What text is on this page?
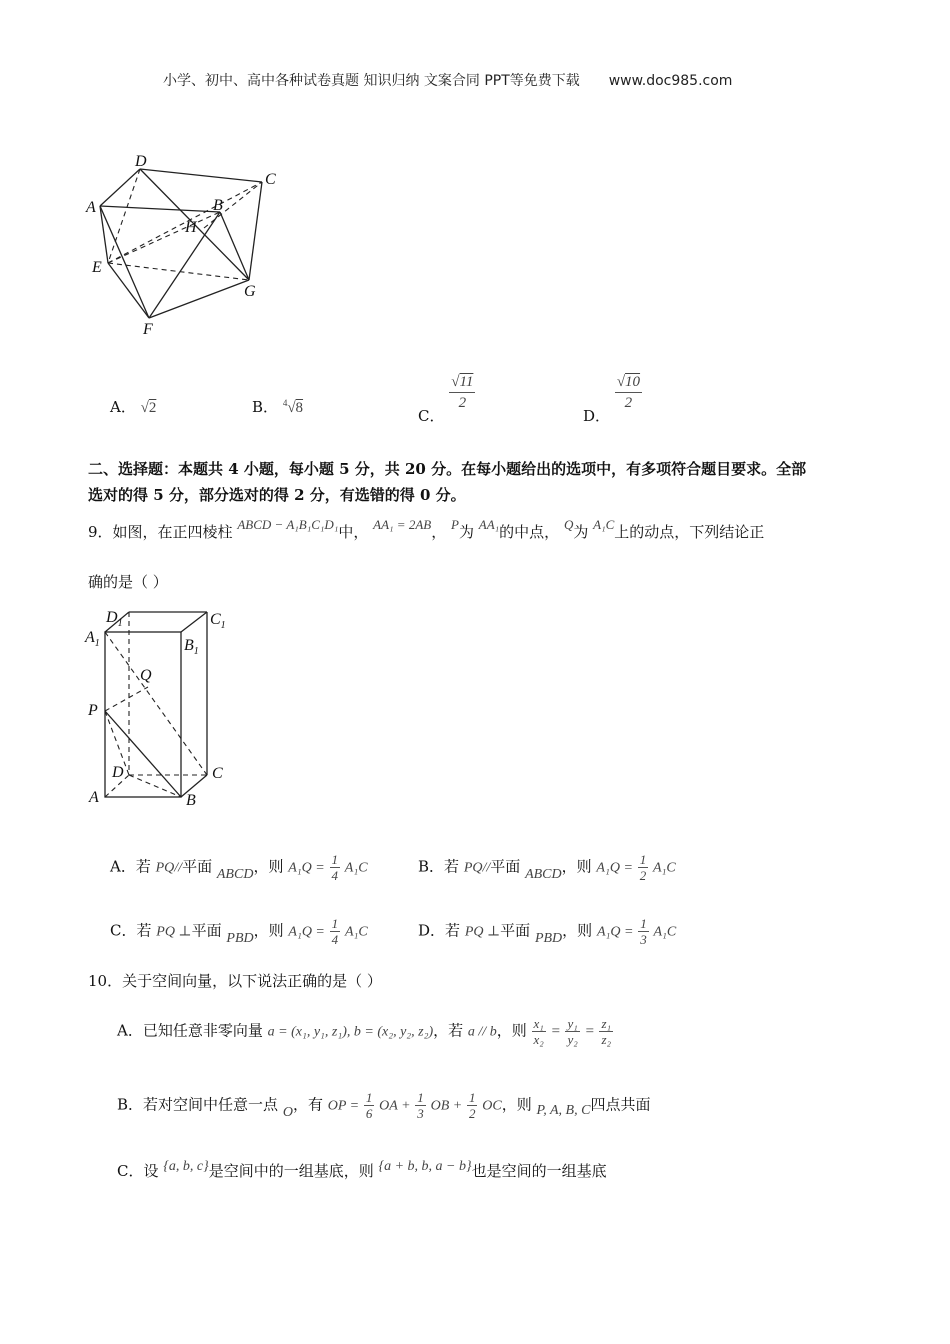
小学、初中、高中各种试卷真题 知识归纳 文案合同 PPT等免费下载 www.doc985.com
A
D
C
B
H
E
G
F
A． √2	B． $^4$√8	C．
$\frac{√11}{2}$
D．
$\frac{√10}{2}$
二、选择题：本题共 4 小题，每小题 5 分，共 20 分。在每小题给出的选项中，有多项符合题目要求。全部
选对的得 5 分，部分选对的得 2 分，有选错的得 0 分。
9．如图，在正四棱柱 ABCD − A₁B₁C₁D₁中， AA₁ = 2AB， P为 AA₁的中点， Q为 A₁C上的动点，下列结论正
确的是（ ）
$D_1$	$C_1$
$A_1$	$B_1$
Q
P
D	C
A	B
A．若 PQ//平面 ABCD，则 $A_1Q = \frac{1}{4} A_1C$	B．若 PQ//平面 ABCD，则 $A_1Q = \frac{1}{2} A_1C$
C．若 PQ ⊥平面 PBD，则 $A_1Q = \frac{1}{4} A_1C$	D．若 PQ ⊥平面 PBD，则 $A_1Q = \frac{1}{3} A_1C$
10．关于空间向量，以下说法正确的是（ ）
A．已知任意非零向量 a = (x₁, y₁, z₁), b = (x₂, y₂, z₂)，若 a // b，则 $\frac{\text{x₁}}{\text{x₂}} = \frac{\text{y₁}}{\text{y₂}} = \frac{\text{z₁}}{\text{z₂}}$
B．若对空间中任意一点 O，有 OP = $\frac{1}{6}$ OA + $\frac{1}{3}$ OB + $\frac{1}{2}$ OC，则 P, A, B, C四点共面
C．设 {a, b, c}是空间中的一组基底，则 {a + b, b, a − b}也是空间的一组基底
